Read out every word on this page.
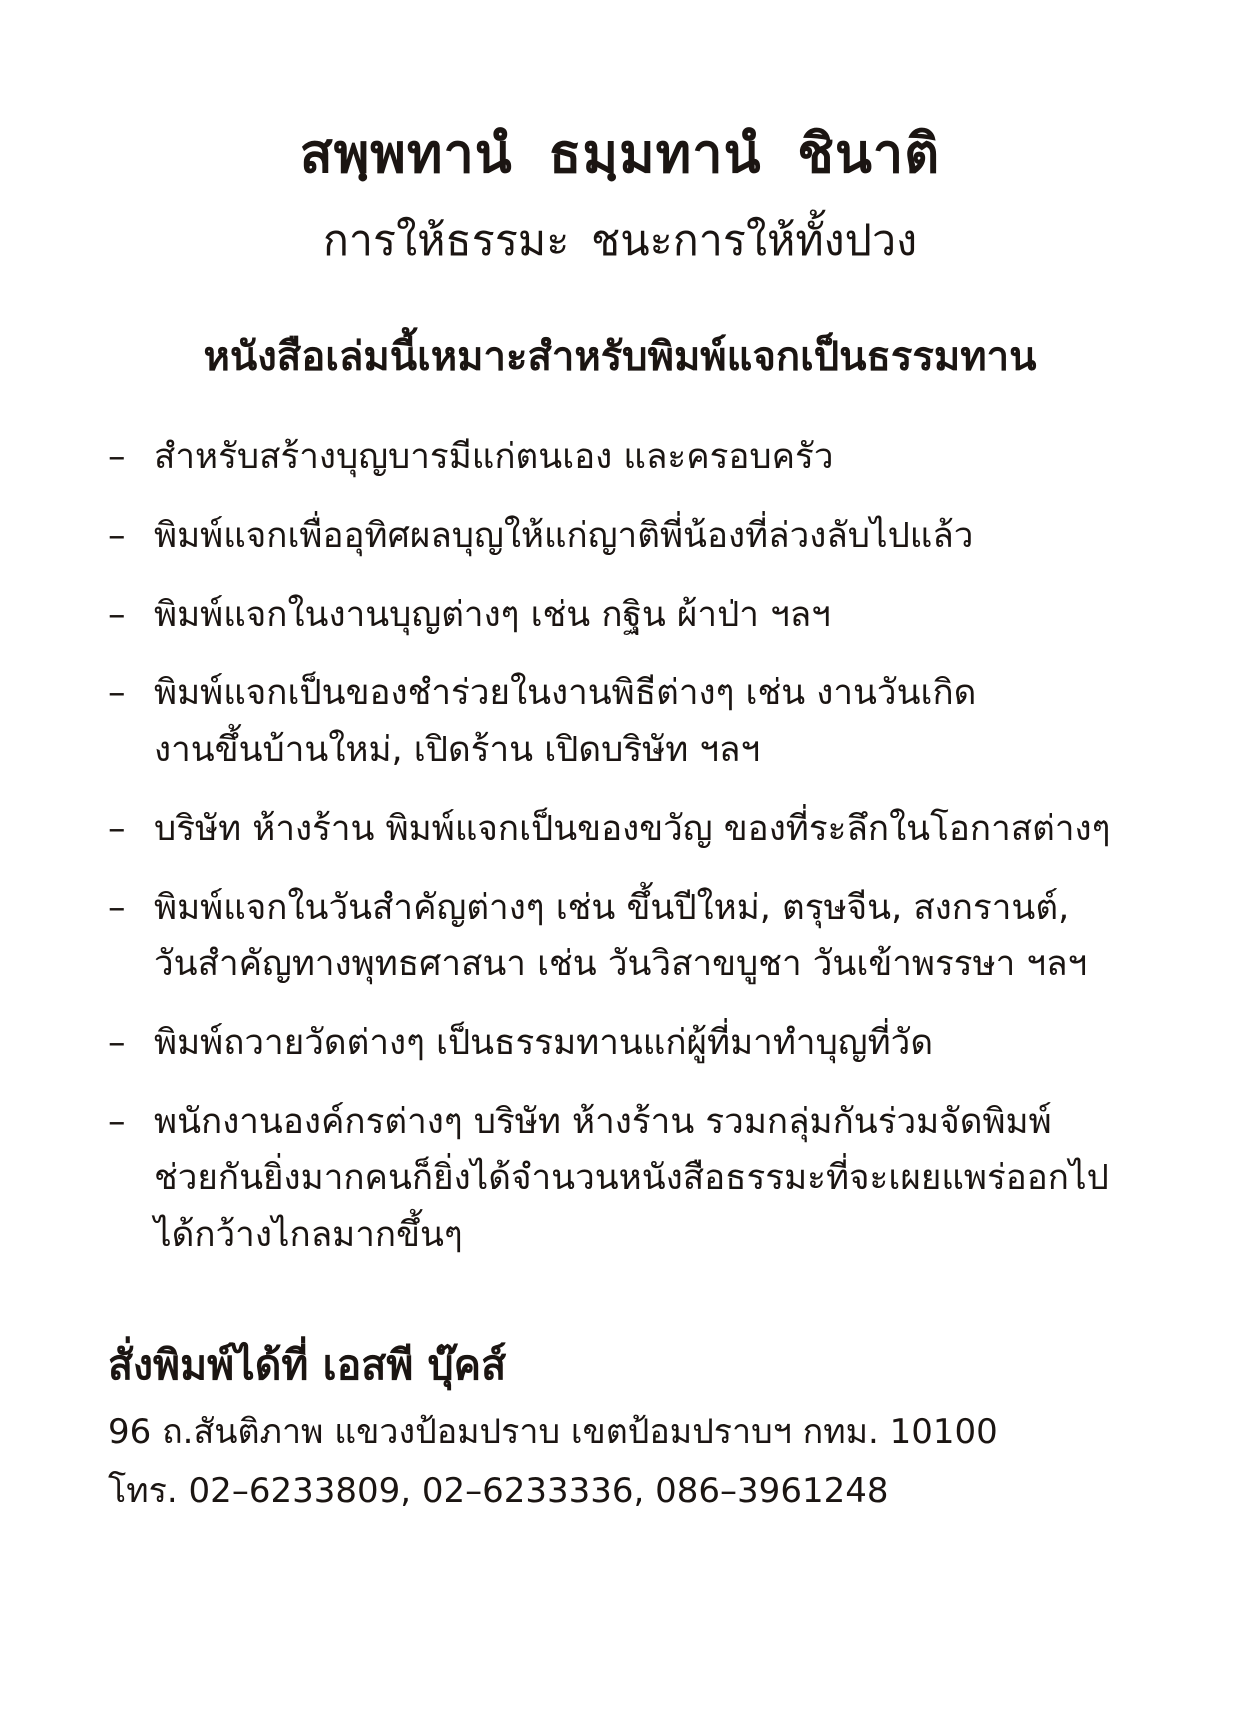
สพฺพทานํ ธมฺมทานํ ชินาติ
การให้ธรรมะ ชนะการให้ทั้งปวง
หนังสือเล่มนี้เหมาะสำหรับพิมพ์แจกเป็นธรรมทาน
– สำหรับสร้างบุญบารมีแก่ตนเอง และครอบครัว
– พิมพ์แจกเพื่ออุทิศผลบุญให้แก่ญาติพี่น้องที่ล่วงลับไปแล้ว
– พิมพ์แจกในงานบุญต่างๆ เช่น กฐิน ผ้าป่า ฯลฯ
– พิมพ์แจกเป็นของชำร่วยในงานพิธีต่างๆ เช่น งานวันเกิด
งานขึ้นบ้านใหม่, เปิดร้าน เปิดบริษัท ฯลฯ
– บริษัท ห้างร้าน พิมพ์แจกเป็นของขวัญ ของที่ระลึกในโอกาสต่างๆ
– พิมพ์แจกในวันสำคัญต่างๆ เช่น ขึ้นปีใหม่, ตรุษจีน, สงกรานต์,
วันสำคัญทางพุทธศาสนา เช่น วันวิสาขบูชา วันเข้าพรรษา ฯลฯ
– พิมพ์ถวายวัดต่างๆ เป็นธรรมทานแก่ผู้ที่มาทำบุญที่วัด
– พนักงานองค์กรต่างๆ บริษัท ห้างร้าน รวมกลุ่มกันร่วมจัดพิมพ์
ช่วยกันยิ่งมากคนก็ยิ่งได้จำนวนหนังสือธรรมะที่จะเผยแพร่ออกไป
ได้กว้างไกลมากขึ้นๆ
สั่งพิมพ์ได้ที่ เอสพี บุ๊คส์
96 ถ.สันติภาพ แขวงป้อมปราบ เขตป้อมปราบฯ กทม. 10100
โทร. 02–6233809, 02–6233336, 086–3961248
